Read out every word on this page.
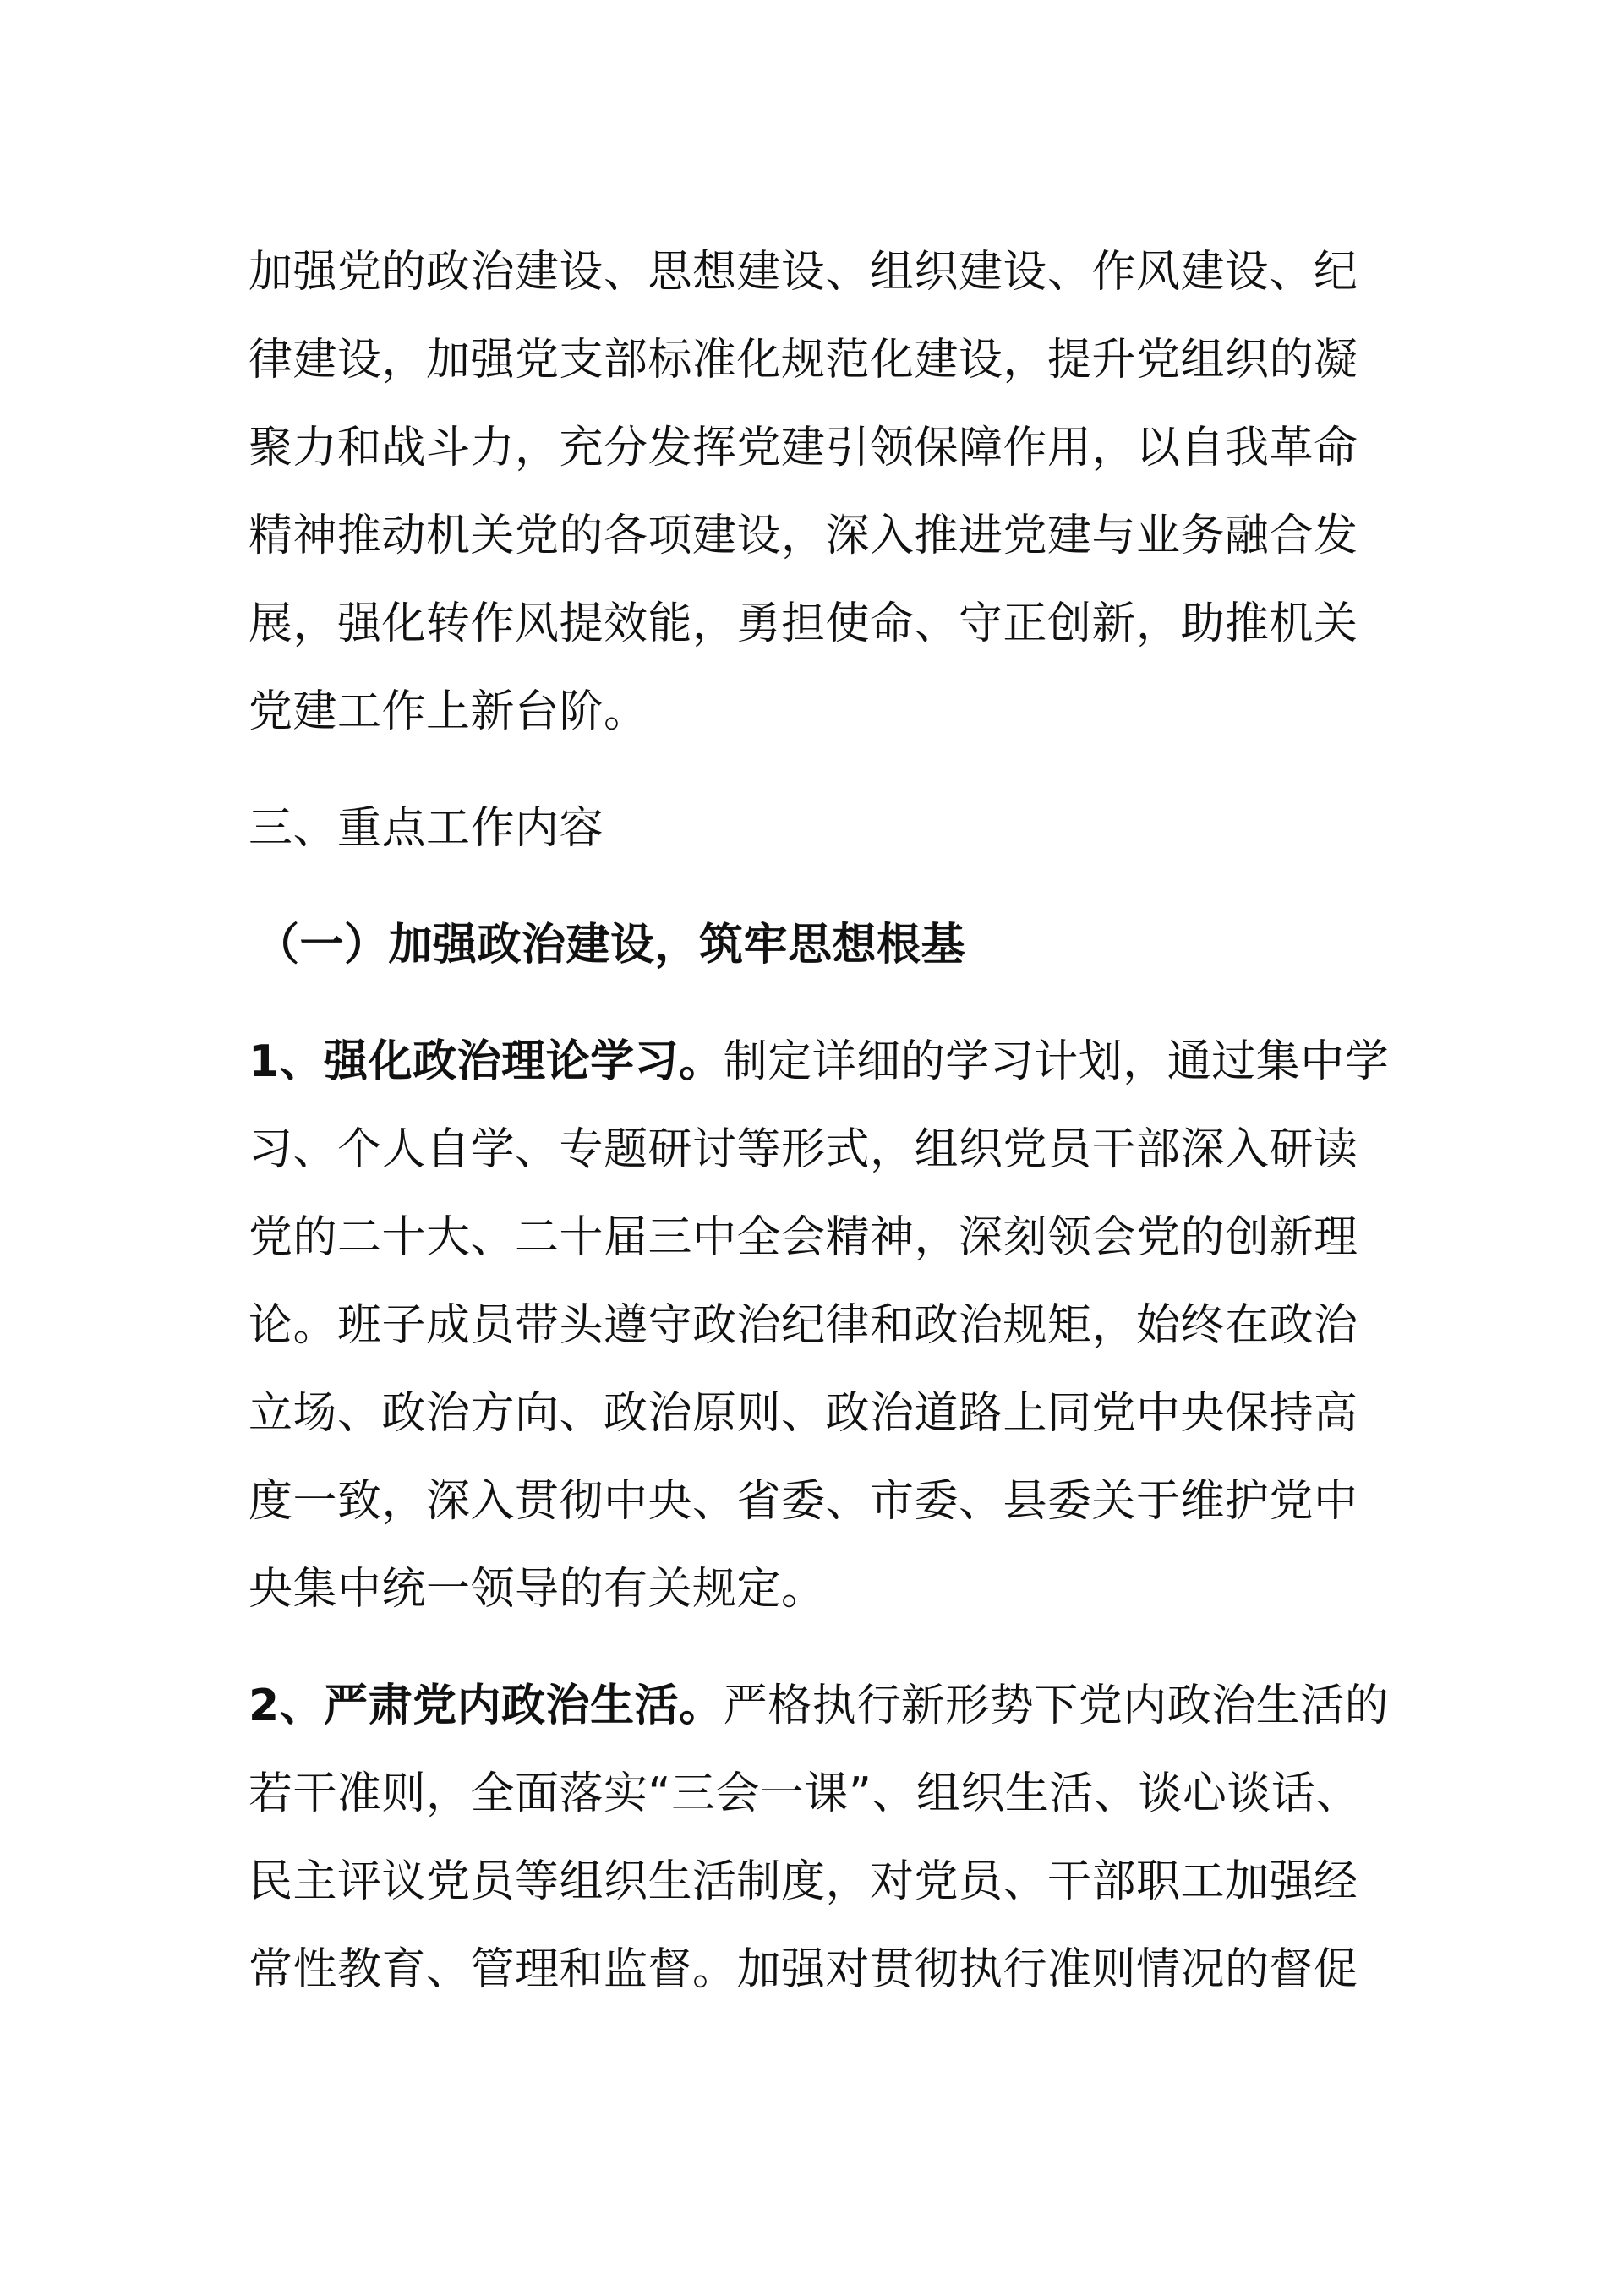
加强党的政治建设、思想建设、组织建设、作风建设、纪
律建设，加强党支部标准化规范化建设，提升党组织的凝
聚力和战斗力，充分发挥党建引领保障作用，以自我革命
精神推动机关党的各项建设，深入推进党建与业务融合发
展，强化转作风提效能，勇担使命、守正创新，助推机关
党建工作上新台阶。
三、重点工作内容
（一）加强政治建设，筑牢思想根基
1、强化政治理论学习。制定详细的学习计划，通过集中学
习、个人自学、专题研讨等形式，组织党员干部深入研读
党的二十大、二十届三中全会精神，深刻领会党的创新理
论。班子成员带头遵守政治纪律和政治规矩，始终在政治
立场、政治方向、政治原则、政治道路上同党中央保持高
度一致，深入贯彻中央、省委、市委、县委关于维护党中
央集中统一领导的有关规定。
2、严肃党内政治生活。严格执行新形势下党内政治生活的
若干准则，全面落实“三会一课”、组织生活、谈心谈话、
民主评议党员等组织生活制度，对党员、干部职工加强经
常性教育、管理和监督。加强对贯彻执行准则情况的督促
